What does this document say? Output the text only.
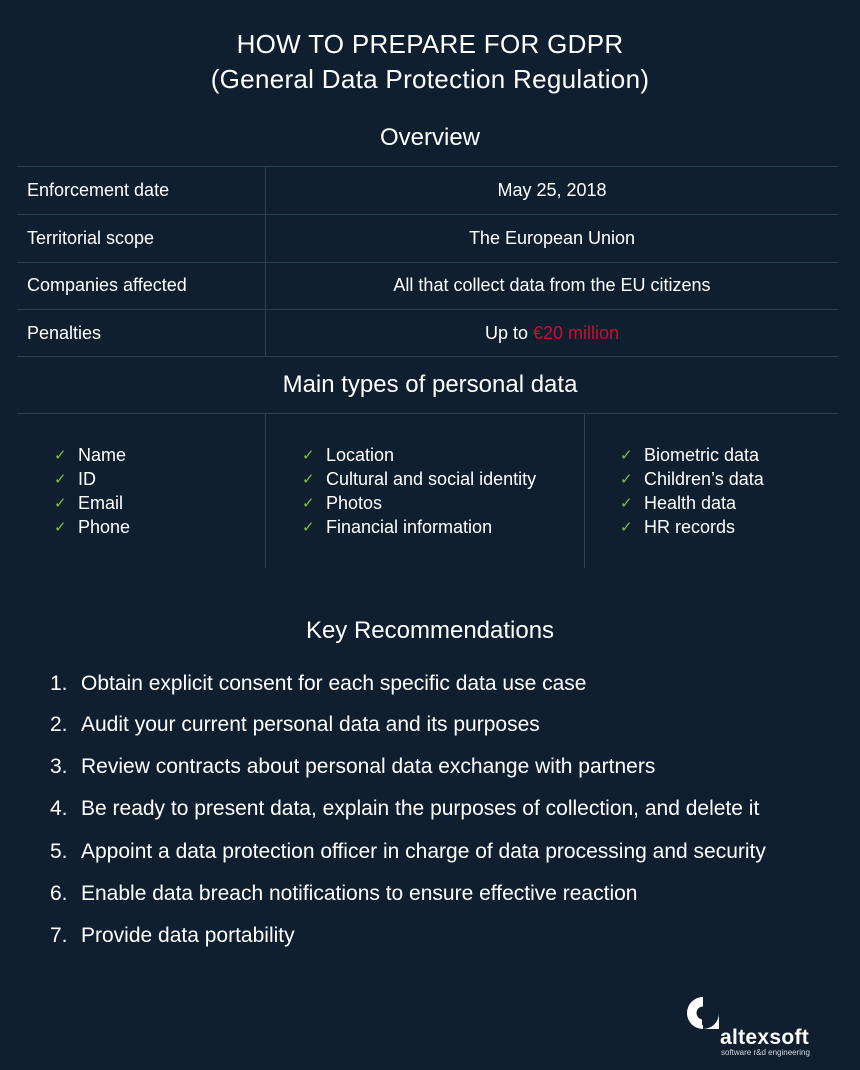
HOW TO PREPARE FOR GDPR
(General Data Protection Regulation)
Overview
Enforcement date	May 25, 2018
Territorial scope	The European Union
Companies affected	All that collect data from the EU citizens
Penalties	Up to €20 million
Main types of personal data
✓ Name
✓ ID
✓ Email
✓ Phone
✓ Location
✓ Cultural and social identity
✓ Photos
✓ Financial information
✓ Biometric data
✓ Children’s data
✓ Health data
✓ HR records
Key Recommendations
1. Obtain explicit consent for each specific data use case
2. Audit your current personal data and its purposes
3. Review contracts about personal data exchange with partners
4. Be ready to present data, explain the purposes of collection, and delete it
5. Appoint a data protection officer in charge of data processing and security
6. Enable data breach notifications to ensure effective reaction
7. Provide data portability
altexsoft
software r&d engineering
